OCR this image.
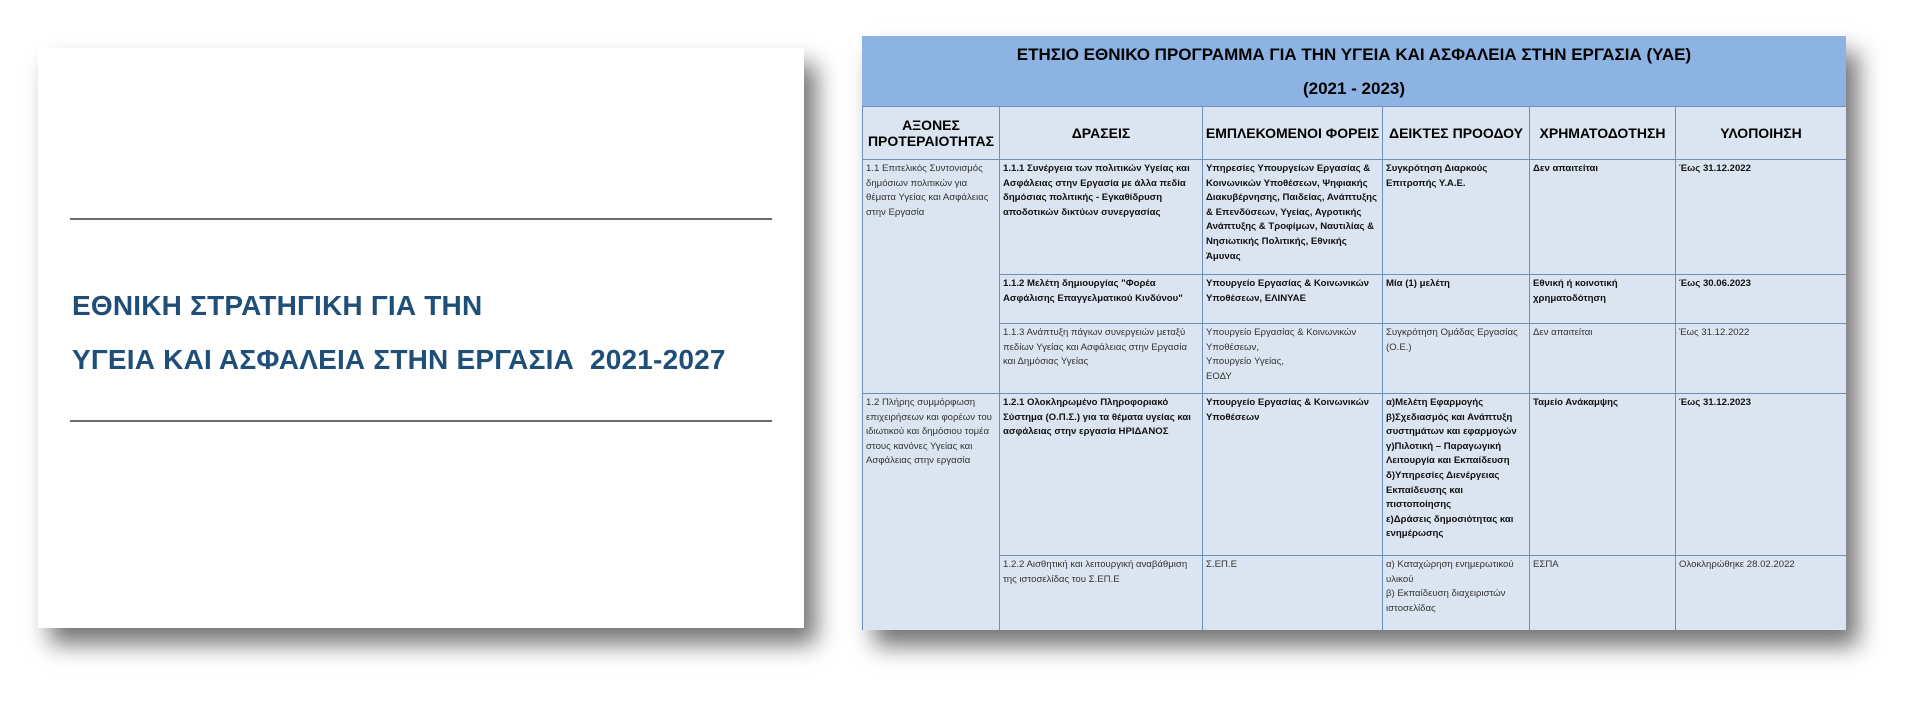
ΕΘΝΙΚΗ ΣΤΡΑΤΗΓΙΚΗ ΓΙΑ ΤΗΝ
ΥΓΕΙΑ ΚΑΙ ΑΣΦΑΛΕΙΑ ΣΤΗΝ ΕΡΓΑΣΙΑ  2021-2027
ΕΤΗΣΙΟ ΕΘΝΙΚΟ ΠΡΟΓΡΑΜΜΑ ΓΙΑ ΤΗΝ ΥΓΕΙΑ ΚΑΙ ΑΣΦΑΛΕΙΑ ΣΤΗΝ ΕΡΓΑΣΙΑ (ΥΑΕ)
(2021 - 2023)
ΑΞΟΝΕΣ ΠΡΟΤΕΡΑΙΟΤΗΤΑΣ	ΔΡΑΣΕΙΣ	ΕΜΠΛΕΚΟΜΕΝΟΙ ΦΟΡΕΙΣ	ΔΕΙΚΤΕΣ ΠΡΟΟΔΟΥ	ΧΡΗΜΑΤΟΔΟΤΗΣΗ	ΥΛΟΠΟΙΗΣΗ
1.1 Επιτελικός Συντονισμός δημόσιων πολιτικών για θέματα Υγείας και Ασφάλειας στην Εργασία	1.1.1 Συνέργεια των πολιτικών Υγείας και Ασφάλειας στην Εργασία με άλλα πεδία δημόσιας πολιτικής - Εγκαθίδρυση αποδοτικών δικτύων συνεργασίας	Υπηρεσίες Υπουργείων Εργασίας & Κοινωνικών Υποθέσεων, Ψηφιακής Διακυβέρνησης, Παιδείας, Ανάπτυξης & Επενδύσεων, Υγείας, Αγροτικής Ανάπτυξης & Τροφίμων, Ναυτιλίας & Νησιωτικής Πολιτικής, Εθνικής Άμυνας	Συγκρότηση Διαρκούς Επιτροπής Υ.Α.Ε.	Δεν απαιτείται	Έως 31.12.2022
	1.1.2 Μελέτη δημιουργίας "Φορέα Ασφάλισης Επαγγελματικού Κινδύνου"	Υπουργείο Εργασίας & Κοινωνικών Υποθέσεων, ΕΛΙΝΥΑΕ	Μία (1) μελέτη	Εθνική ή κοινοτική χρηματοδότηση	Έως 30.06.2023
	1.1.3 Ανάπτυξη πάγιων συνεργειών μεταξύ πεδίων Υγείας και Ασφάλειας στην Εργασία και Δημόσιας Υγείας	Υπουργείο Εργασίας & Κοινωνικών Υποθέσεων,
Υπουργείο Υγείας,
ΕΟΔΥ	Συγκρότηση Ομάδας Εργασίας (Ο.Ε.)	Δεν απαιτείται	Έως 31.12.2022
1.2 Πλήρης συμμόρφωση επιχειρήσεων και φορέων του ιδιωτικού και δημόσιου τομέα στους κανόνες Υγείας και Ασφάλειας στην εργασία	1.2.1 Ολοκληρωμένο Πληροφοριακό Σύστημα (Ο.Π.Σ.) για τα θέματα υγείας και ασφάλειας στην εργασία ΗΡΙΔΑΝΟΣ	Υπουργείο Εργασίας & Κοινωνικών Υποθέσεων	α)Μελέτη Εφαρμογής
β)Σχεδιασμός και Ανάπτυξη συστημάτων και εφαρμογών
γ)Πιλοτική – Παραγωγική Λειτουργία και Εκπαίδευση
δ)Υπηρεσίες Διενέργειας Εκπαίδευσης και πιστοποίησης
ε)Δράσεις δημοσιότητας και ενημέρωσης	Ταμείο Ανάκαμψης	Έως 31.12.2023
	1.2.2 Αισθητική και λειτουργική αναβάθμιση της ιστοσελίδας του Σ.ΕΠ.Ε	Σ.ΕΠ.Ε	α) Καταχώρηση ενημερωτικού υλικού
β) Εκπαίδευση διαχειριστών ιστοσελίδας	ΕΣΠΑ	Ολοκληρώθηκε 28.02.2022
